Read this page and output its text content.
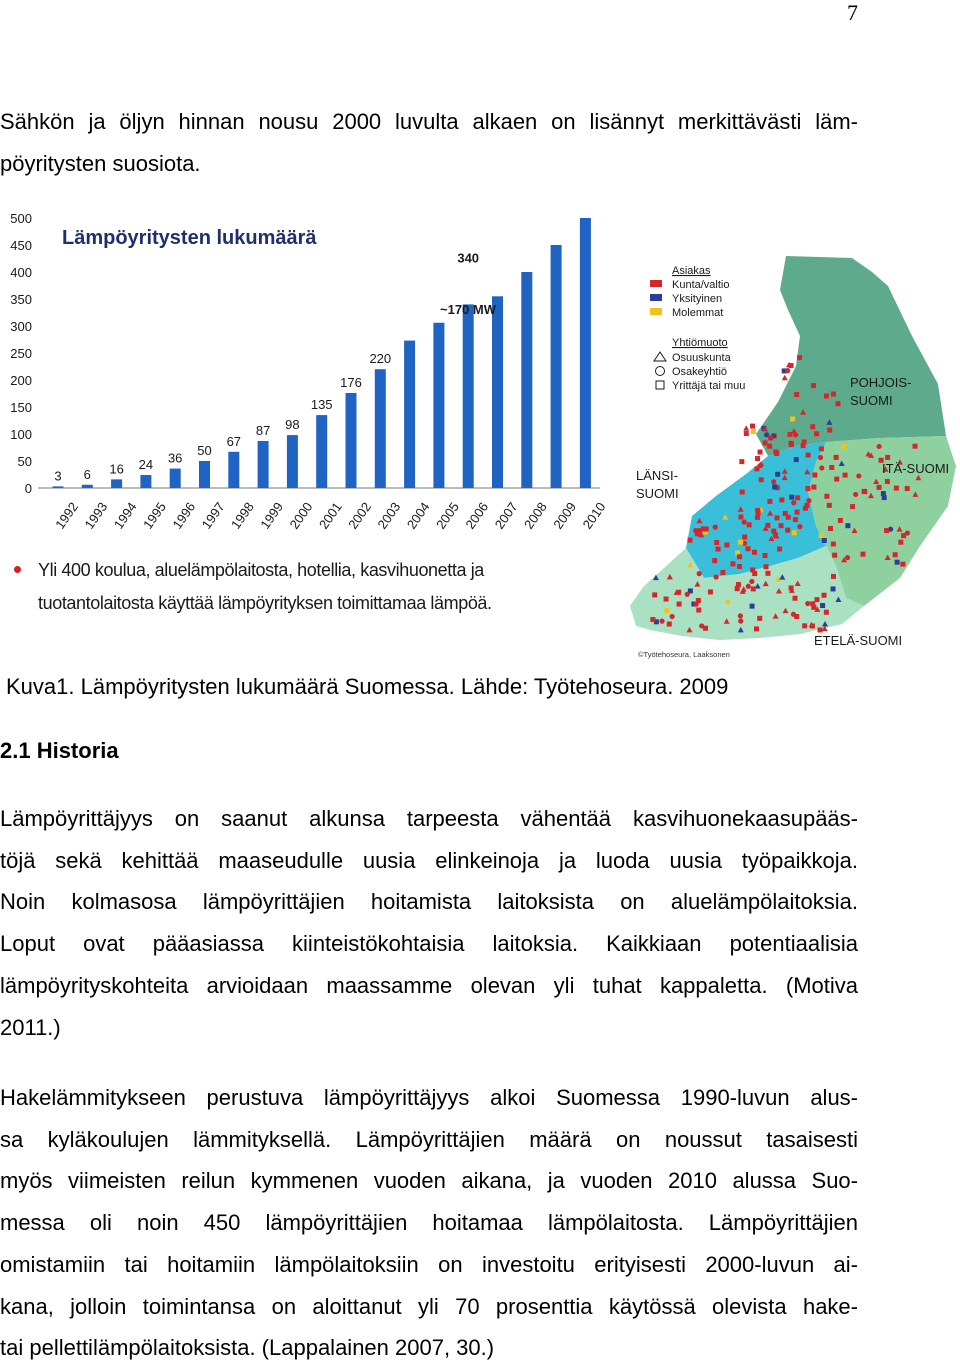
7

Sähkön ja öljyn hinnan nousu 2000 luvulta alkaen on lisännyt merkittävästi läm-
pöyritysten suosiota.

Lämpöyritysten lukumäärä
0
50
100
150
200
250
300
350
400
450
500
3 6 16 24 36
50
67
87 98
135
176
220
340
1992 1993 1994 1995 1996 1997 1998 1999 2000 2001 2002 2003 2004 2005 2006 2007 2008 2009 2010
~170 MW
Yli 400 koulua, aluelämpölaitosta, hotellia, kasvihuonetta ja tuotantolaitosta käyttää lämpöyrityksen toimittamaa lämpöä.
Asiakas
Kunta/valtio
Yksityinen
Molemmat
Yhtiömuoto
Osuuskunta
Osakeyhtiö
Yrittäjä tai muu	POHJOIS-
SUOMI
ITÄ-SUOMI
LÄNSI-
SUOMI
ETELÄ-SUOMI
©Työtehoseura, Laaksonen

Kuva1. Lämpöyritysten lukumäärä Suomessa. Lähde: Työtehoseura. 2009

2.1 Historia

Lämpöyrittäjyys on saanut alkunsa tarpeesta vähentää kasvihuonekaasupääs-
töjä sekä kehittää maaseudulle uusia elinkeinoja ja luoda uusia työpaikkoja.
Noin kolmasosa lämpöyrittäjien hoitamista laitoksista on aluelämpölaitoksia.
Loput ovat pääasiassa kiinteistökohtaisia laitoksia. Kaikkiaan potentiaalisia
lämpöyrityskohteita arvioidaan maassamme olevan yli tuhat kappaletta. (Motiva
2011.)

Hakelämmitykseen perustuva lämpöyrittäjyys alkoi Suomessa 1990-luvun alus-
sa kyläkoulujen lämmityksellä. Lämpöyrittäjien määrä on noussut tasaisesti
myös viimeisten reilun kymmenen vuoden aikana, ja vuoden 2010 alussa Suo-
messa oli noin 450 lämpöyrittäjien hoitamaa lämpölaitosta. Lämpöyrittäjien
omistamiin tai hoitamiin lämpölaitoksiin on investoitu erityisesti 2000-luvun ai-
kana, jolloin toimintansa on aloittanut yli 70 prosenttia käytössä olevista hake-
tai pellettilämpölaitoksista. (Lappalainen 2007, 30.)
